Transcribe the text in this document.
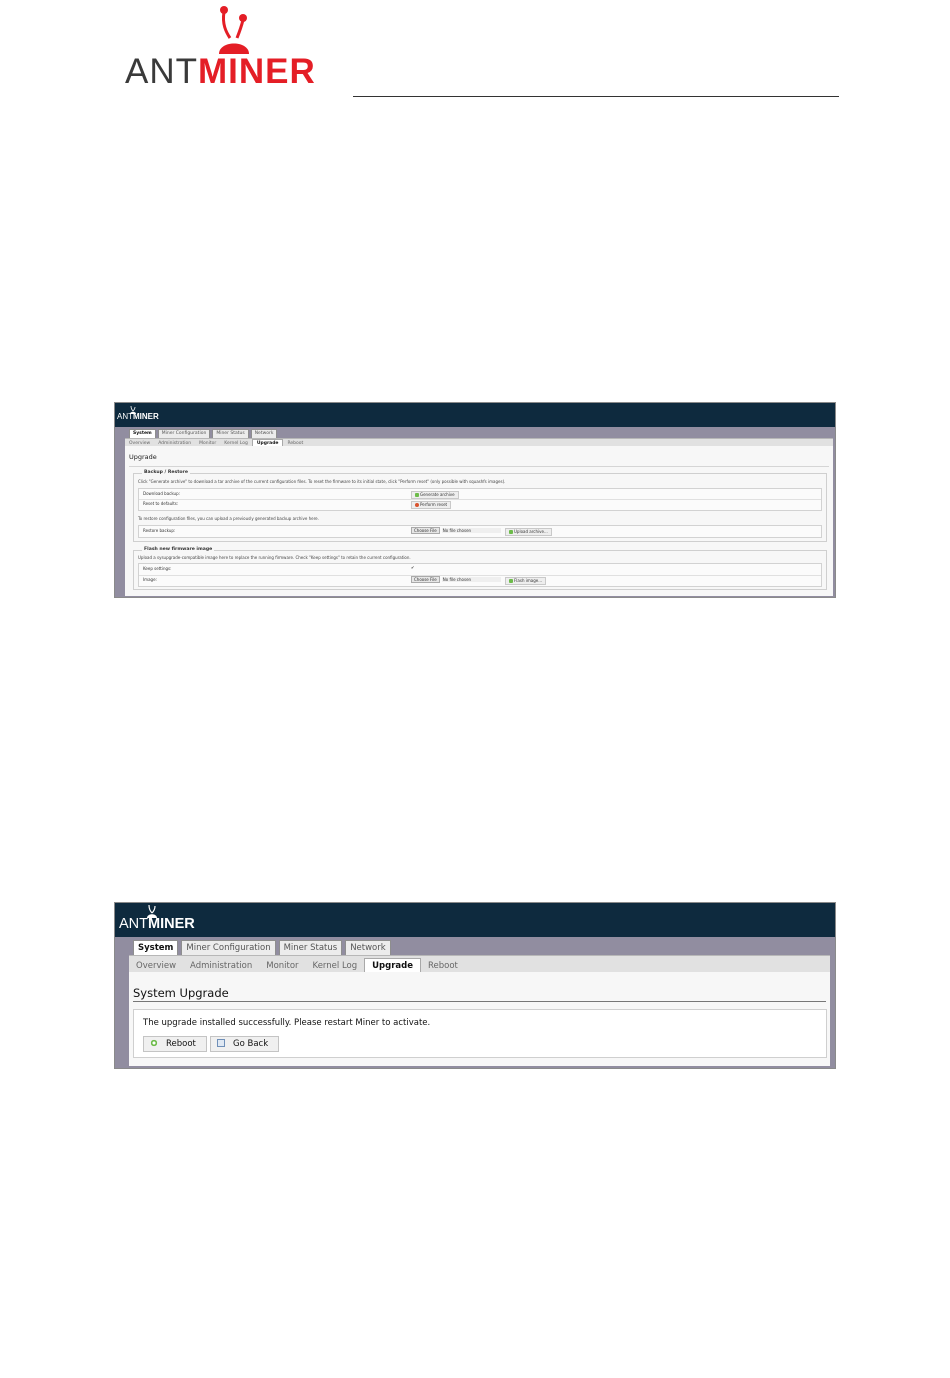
ANTMINER
ANTMINER
System	Miner Configuration	Miner Status	Network
Overview	Administration	Monitor	Kernel Log	Upgrade	Reboot
Upgrade
Backup / Restore
Click "Generate archive" to download a tar archive of the current configuration files. To reset the firmware to its initial state, click "Perform reset" (only possible with squashfs images).
Download backup:	Generate archive
Reset to defaults:	Perform reset
To restore configuration files, you can upload a previously generated backup archive here.
Restore backup:	Choose File No file chosen	Upload archive...
Flash new firmware image
Upload a sysupgrade-compatible image here to replace the running firmware. Check "Keep settings" to retain the current configuration.
Keep settings:	✔
Image:	Choose File No file chosen	Flash image...
ANTMINER
System	Miner Configuration	Miner Status	Network
Overview	Administration	Monitor	Kernel Log	Upgrade	Reboot
System Upgrade
The upgrade installed successfully. Please restart Miner to activate.
Reboot	Go Back
